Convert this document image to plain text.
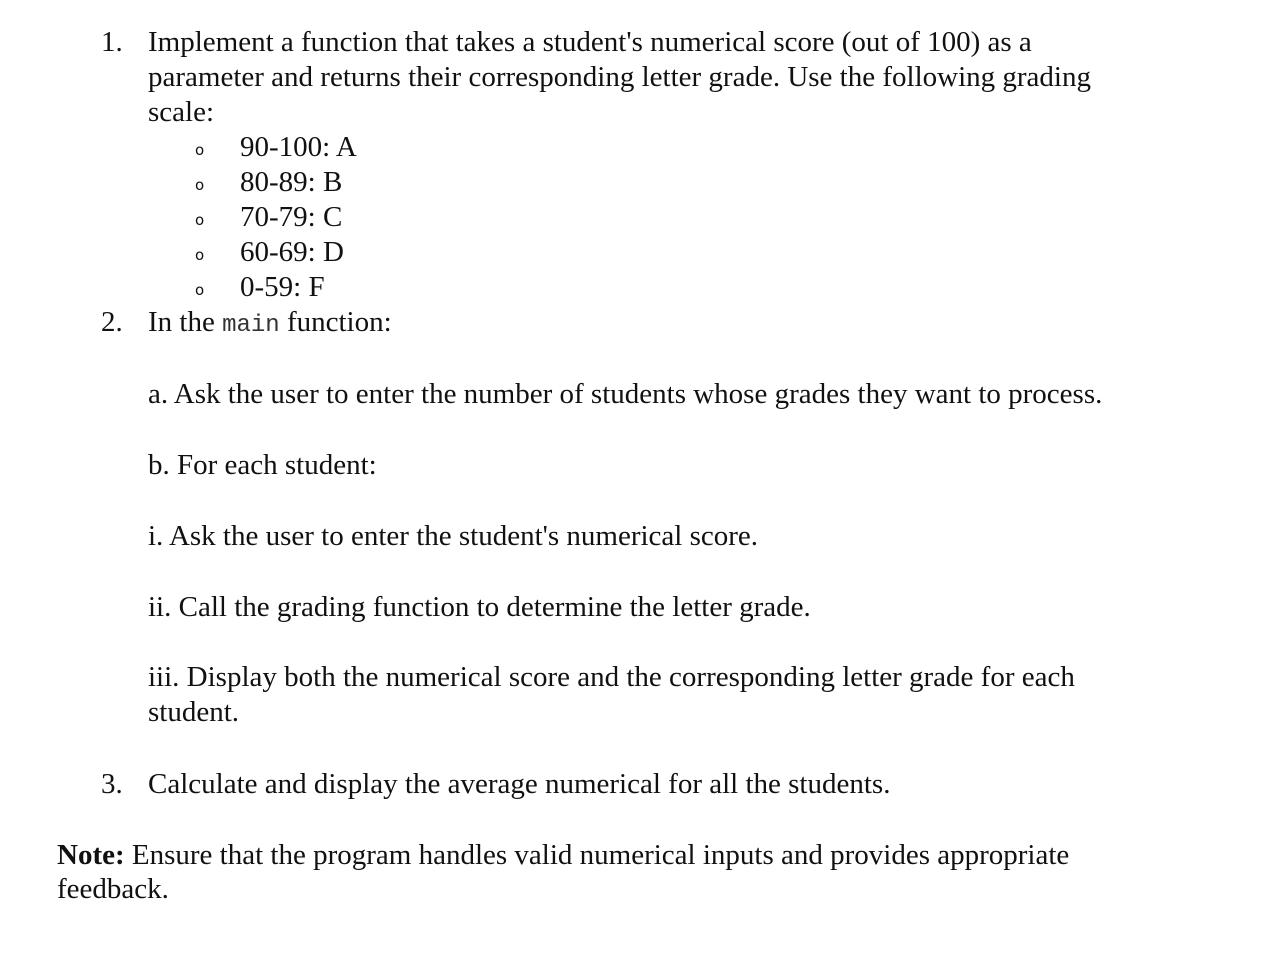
1. Implement a function that takes a student's numerical score (out of 100) as a
parameter and returns their corresponding letter grade. Use the following grading
scale:
o 90-100: A
o 80-89: B
o 70-79: C
o 60-69: D
o 0-59: F
2. In the main function:
a. Ask the user to enter the number of students whose grades they want to process.
b. For each student:
i. Ask the user to enter the student's numerical score.
ii. Call the grading function to determine the letter grade.
iii. Display both the numerical score and the corresponding letter grade for each
student.
3. Calculate and display the average numerical for all the students.
Note: Ensure that the program handles valid numerical inputs and provides appropriate
feedback.
